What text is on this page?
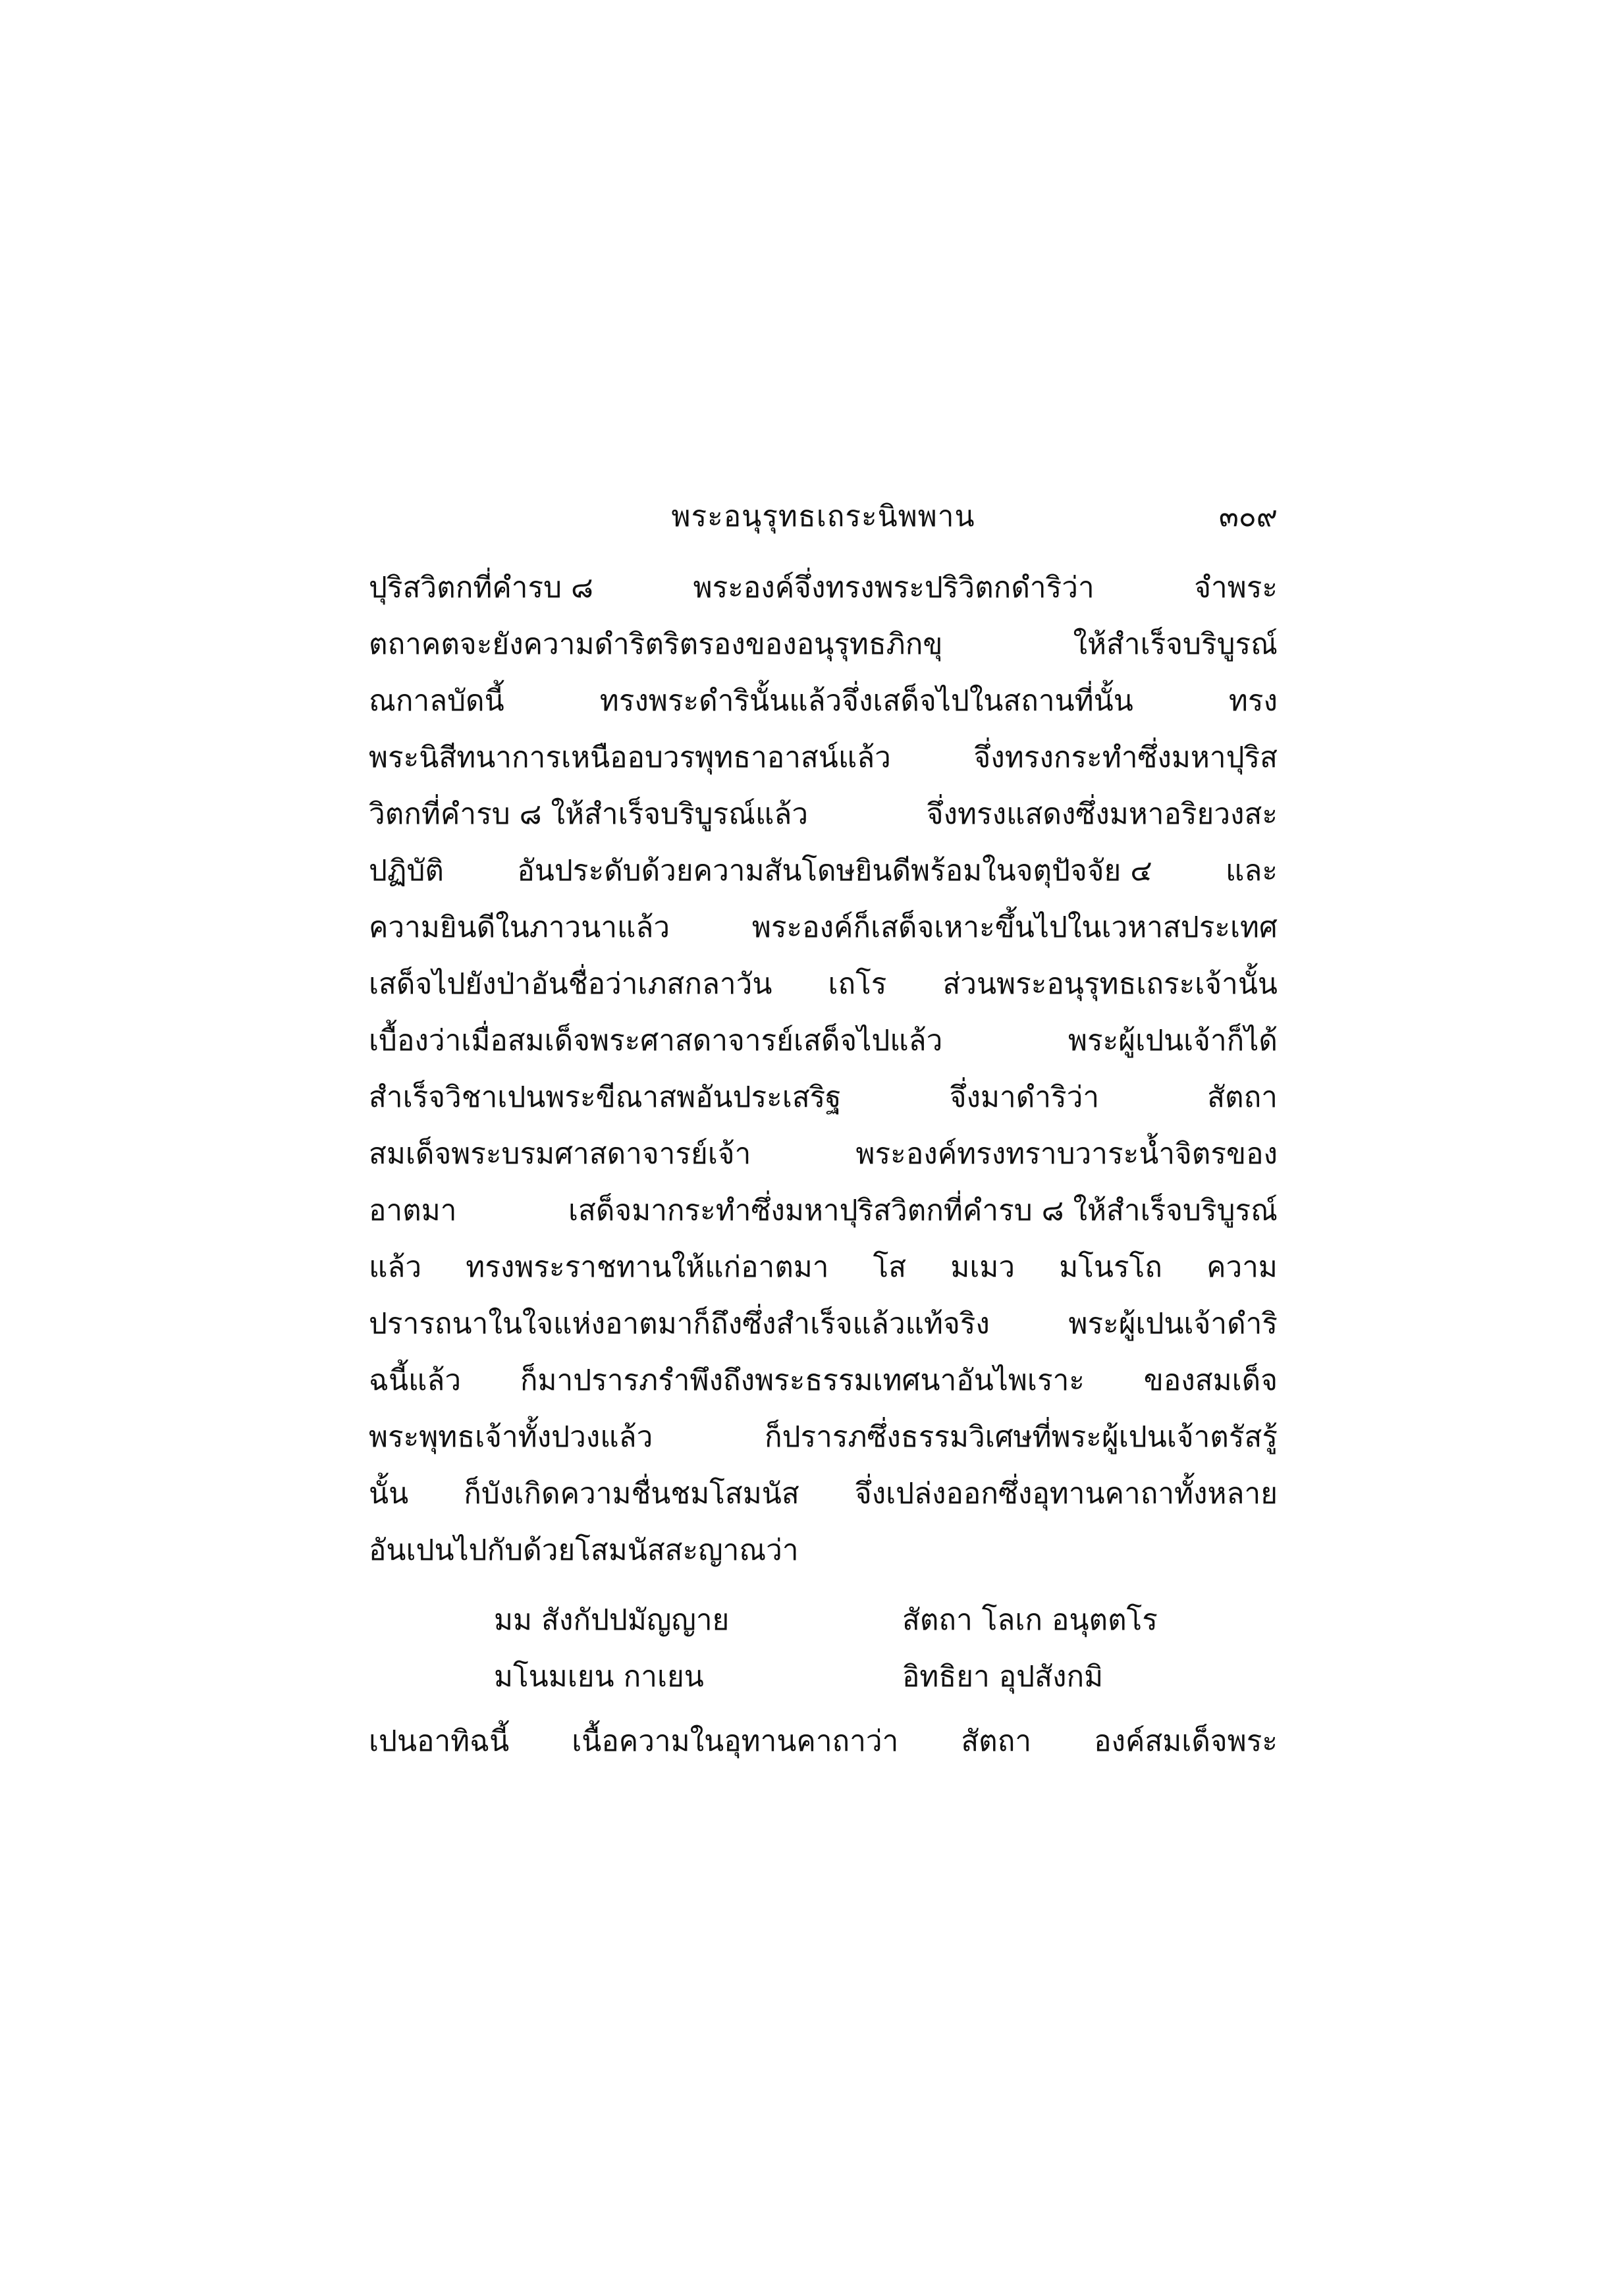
พระอนุรุทธเถระนิพพาน	๓๐๙
ปุริสวิตกที่คำรบ ๘	พระองค์จึ่งทรงพระปริวิตกดำริว่า	จำพระ
ตถาคตจะยังความดำริตริตรองของอนุรุทธภิกขุ	ให้สำเร็จบริบูรณ์
ณกาลบัดนี้	ทรงพระดำรินั้นแล้วจึ่งเสด็จไปในสถานที่นั้น	ทรง
พระนิสีทนาการเหนืออบวรพุทธาอาสน์แล้ว	จึ่งทรงกระทำซึ่งมหาปุริส
วิตกที่คำรบ ๘ ให้สำเร็จบริบูรณ์แล้ว	จึ่งทรงแสดงซึ่งมหาอริยวงสะ
ปฏิบัติ	อันประดับด้วยความสันโดษยินดีพร้อมในจตุปัจจัย ๔	และ
ความยินดีในภาวนาแล้ว	พระองค์ก็เสด็จเหาะขึ้นไปในเวหาสประเทศ
เสด็จไปยังป่าอันชื่อว่าเภสกลาวัน เถโร ส่วนพระอนุรุทธเถระเจ้านั้น
เบื้องว่าเมื่อสมเด็จพระศาสดาจารย์เสด็จไปแล้ว	พระผู้เปนเจ้าก็ได้
สำเร็จวิชาเปนพระขีณาสพอันประเสริฐ	จึ่งมาดำริว่า	สัตถา
สมเด็จพระบรมศาสดาจารย์เจ้า	พระองค์ทรงทราบวาระน้ำจิตรของ
อาตมา	เสด็จมากระทำซึ่งมหาปุริสวิตกที่คำรบ ๘ ให้สำเร็จบริบูรณ์
แล้ว ทรงพระราชทานให้แก่อาตมา โส มเมว มโนรโถ ความ
ปรารถนาในใจแห่งอาตมาก็ถึงซึ่งสำเร็จแล้วแท้จริง	พระผู้เปนเจ้าดำริ
ฉนี้แล้ว ก็มาปรารภรำพึงถึงพระธรรมเทศนาอันไพเราะ ของสมเด็จ
พระพุทธเจ้าทั้งปวงแล้ว	ก็ปรารภซึ่งธรรมวิเศษที่พระผู้เปนเจ้าตรัสรู้
นั้น ก็บังเกิดความชื่นชมโสมนัส จึ่งเปล่งออกซึ่งอุทานคาถาทั้งหลาย
อันเปนไปกับด้วยโสมนัสสะญาณว่า
มม สังกัปปมัญญาย	สัตถา โลเก อนุตตโร
มโนมเยน กาเยน	อิทธิยา อุปสังกมิ
เปนอาทิฉนี้ เนื้อความในอุทานคาถาว่า สัตถา องค์สมเด็จพระ
